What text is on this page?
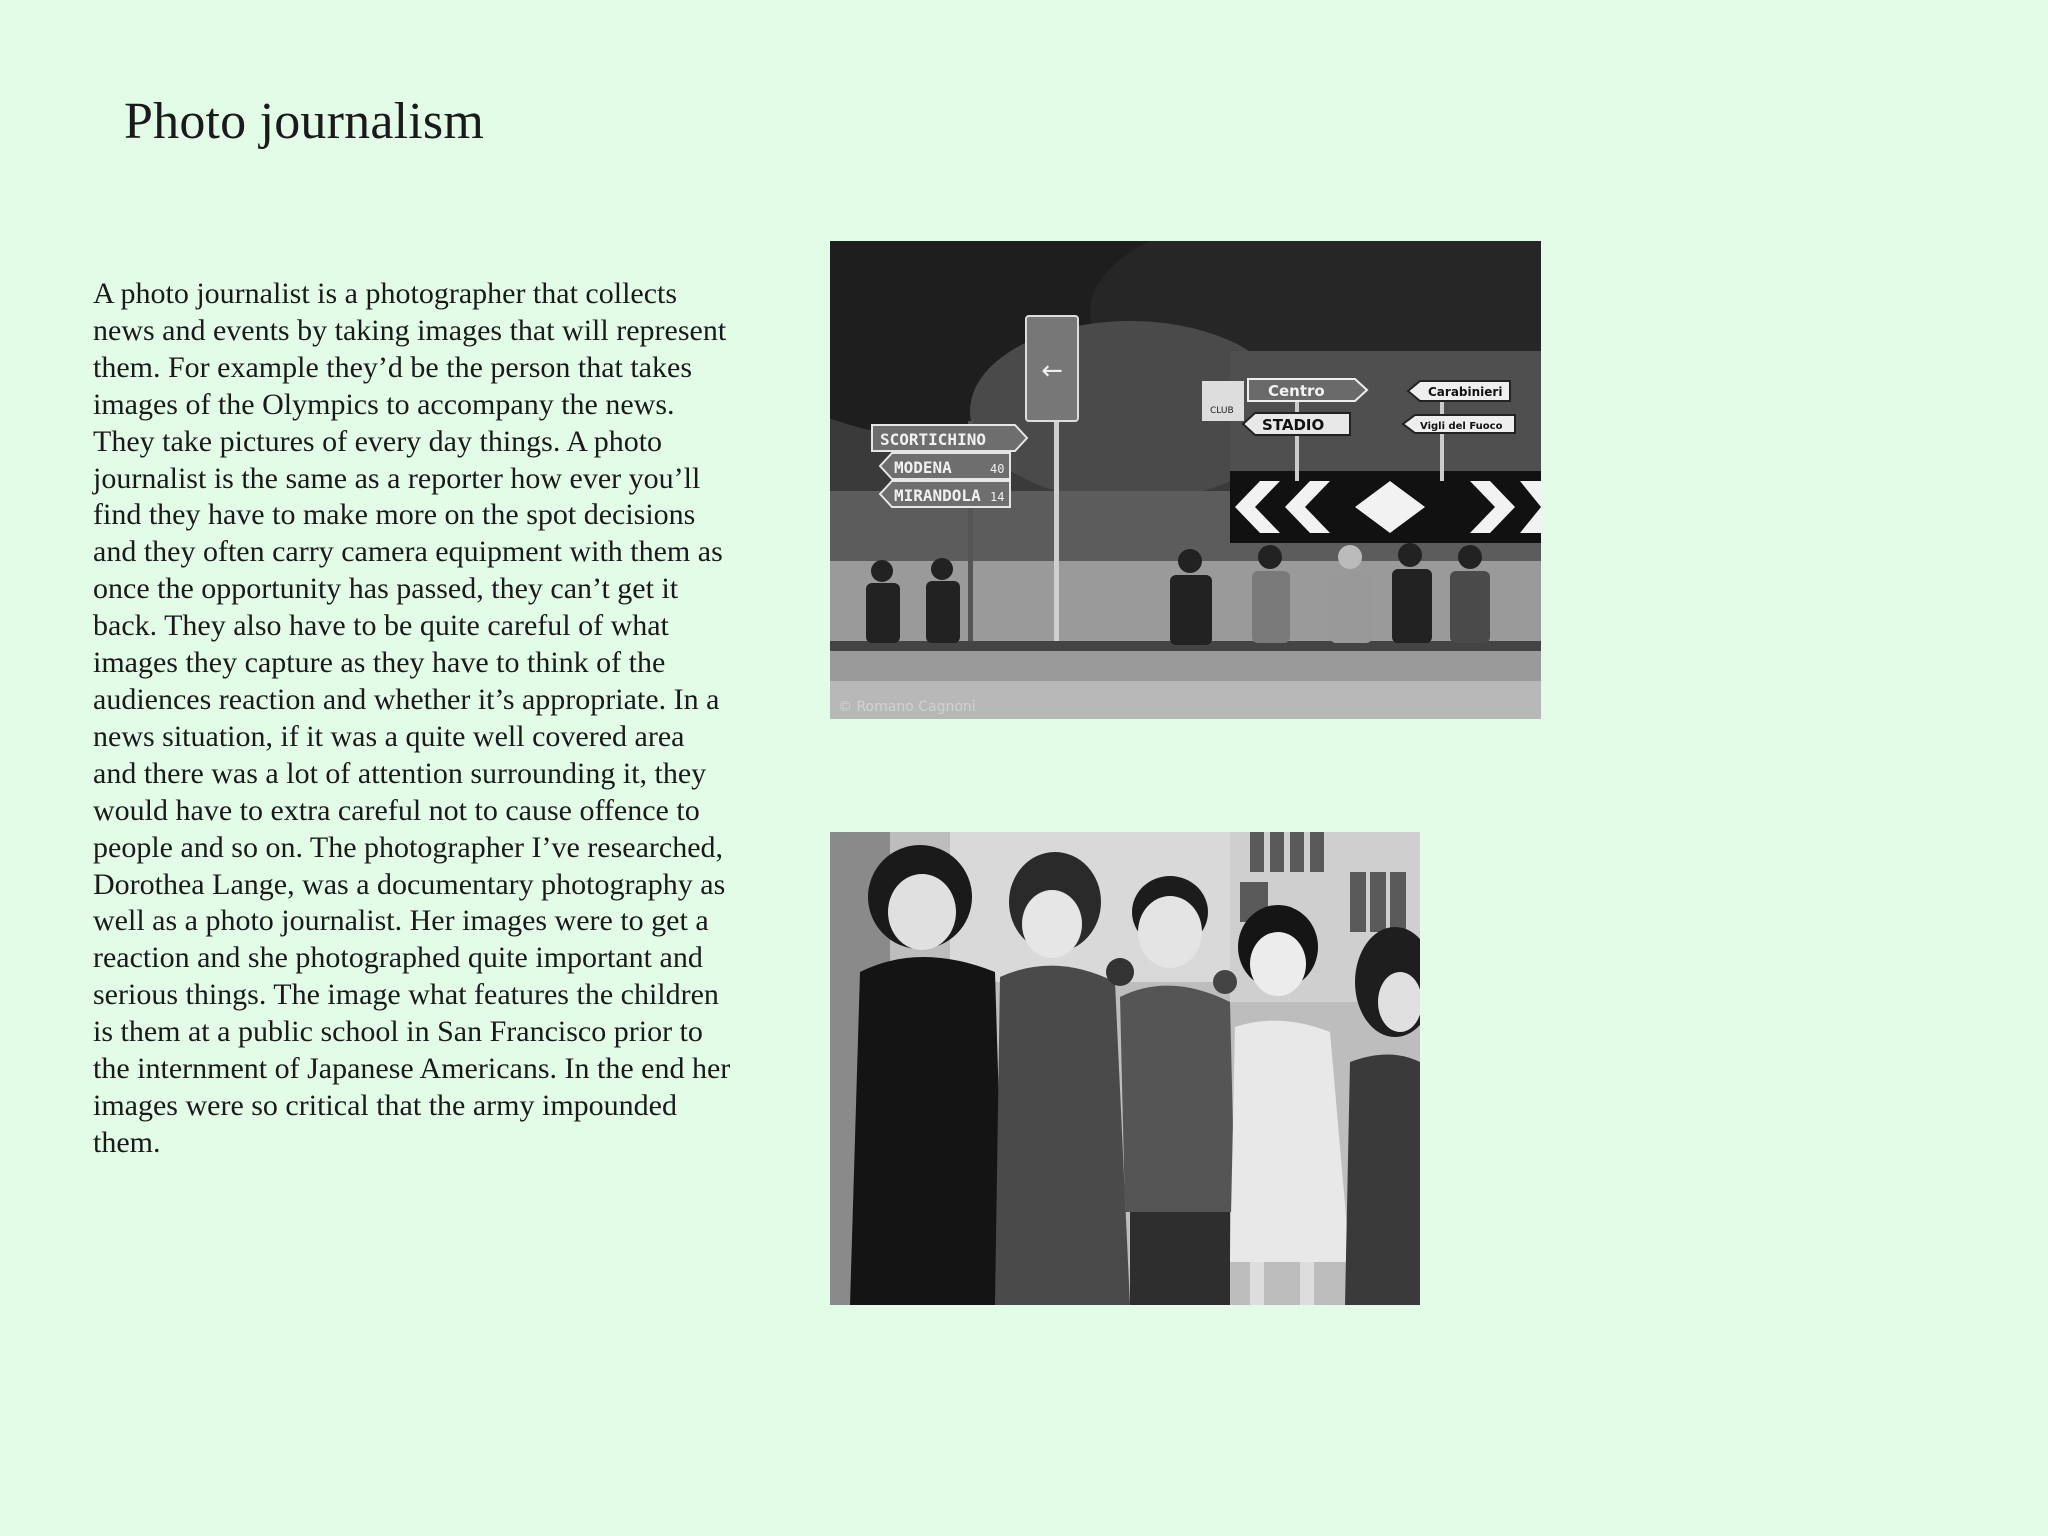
Photo journalism

A photo journalist is a photographer that collects news and events by taking images that will represent them. For example they’d be the person that takes images of the Olympics to accompany the news. They take pictures of every day things. A photo journalist is the same as a reporter how ever you’ll find they have to make more on the spot decisions and they often carry camera equipment with them as once the opportunity has passed, they can’t get it back. They also have to be quite careful of what images they capture as they have to think of the audiences reaction and whether it’s appropriate. In a news situation, if it was a quite well covered area and there was a lot of attention surrounding it, they would have to extra careful not to cause offence to people and so on. The photographer I’ve researched, Dorothea Lange, was a documentary photography as well as a photo journalist. Her images were to get a reaction and she photographed quite important and serious things. The image what features the children is them at a public school in San Francisco prior to the internment of Japanese Americans. In the end her images were so critical that the army impounded them.

←
SCORTICHINO
MODENA	40
MIRANDOLA 14
CLUB
Centro
STADIO
Carabinieri
Vigli del Fuoco
© Romano Cagnoni
